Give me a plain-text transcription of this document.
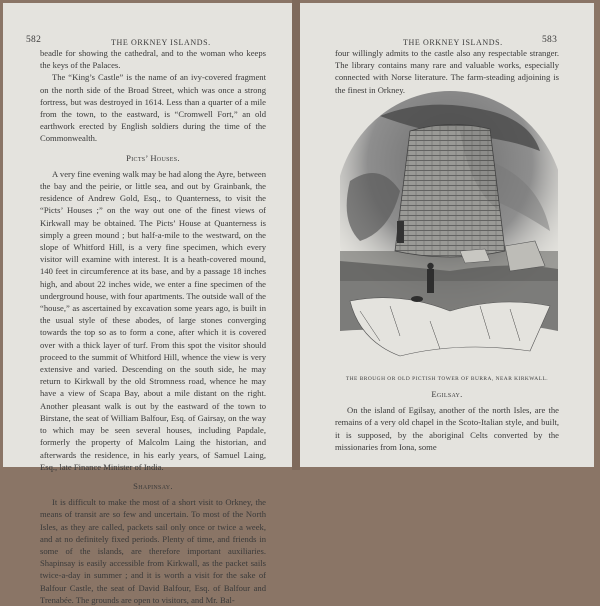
582	THE ORKNEY ISLANDS.

beadle for showing the cathedral, and to the woman who keeps the keys of the Palaces.

The “King’s Castle” is the name of an ivy-covered fragment on the north side of the Broad Street, which was once a strong fortress, but was destroyed in 1614. Less than a quarter of a mile from the town, to the eastward, is “Cromwell Fort,” an old earthwork erected by English soldiers during the time of the Commonwealth.

Picts’ Houses.

A very fine evening walk may be had along the Ayre, between the bay and the peirie, or little sea, and out by Grainbank, the residence of Andrew Gold, Esq., to Quanterness, to visit the “Picts’ Houses ;” on the way out one of the finest views of Kirkwall may be obtained. The Picts’ House at Quanterness is simply a green mound ; but half-a-mile to the westward, on the slope of Whitford Hill, is a very fine specimen, which every visitor will examine with interest. It is a heath-covered mound, 140 feet in circumference at its base, and by a passage 18 inches high, and about 22 inches wide, we enter a fine specimen of the underground house, with four apartments. The outside wall of the “house,” as ascertained by excavation some years ago, is built in the usual style of these abodes, of large stones converging towards the top so as to form a cone, after which it is covered over with a thick layer of turf. From this spot the visitor should proceed to the summit of Whitford Hill, whence the view is very extensive and varied. Descending on the south side, he may return to Kirkwall by the old Stromness road, whence he may have a view of Scapa Bay, about a mile distant on the right. Another pleasant walk is out by the eastward of the town to Birstane, the seat of William Balfour, Esq. of Gairsay, on the way to which may be seen several houses, including Papdale, formerly the property of Malcolm Laing the historian, and afterwards the residence, in his early years, of Samuel Laing, Esq., late Finance Minister of India.

Shapinsay.

It is difficult to make the most of a short visit to Orkney, the means of transit are so few and uncertain. To most of the North Isles, as they are called, packets sail only once or twice a week, and at no definitely fixed periods. Plenty of time, and friends in some of the islands, are therefore important auxiliaries. Shapinsay is easily accessible from Kirkwall, as the packet sails twice-a-day in summer ; and it is worth a visit for the sake of Balfour Castle, the seat of David Balfour, Esq. of Balfour and Trenabée. The grounds are open to visitors, and Mr. Bal-

THE ORKNEY ISLANDS.	583

four willingly admits to the castle also any respectable stranger. The library contains many rare and valuable works, especially connected with Norse literature. The farm-steading adjoining is the finest in Orkney.

THE BROUGH OR OLD PICTISH TOWER OF BURRA, NEAR KIRKWALL.
Egilsay.

On the island of Egilsay, another of the north Isles, are the remains of a very old chapel in the Scoto-Italian style, and built, it is supposed, by the aboriginal Celts converted by the missionaries from Iona, some
